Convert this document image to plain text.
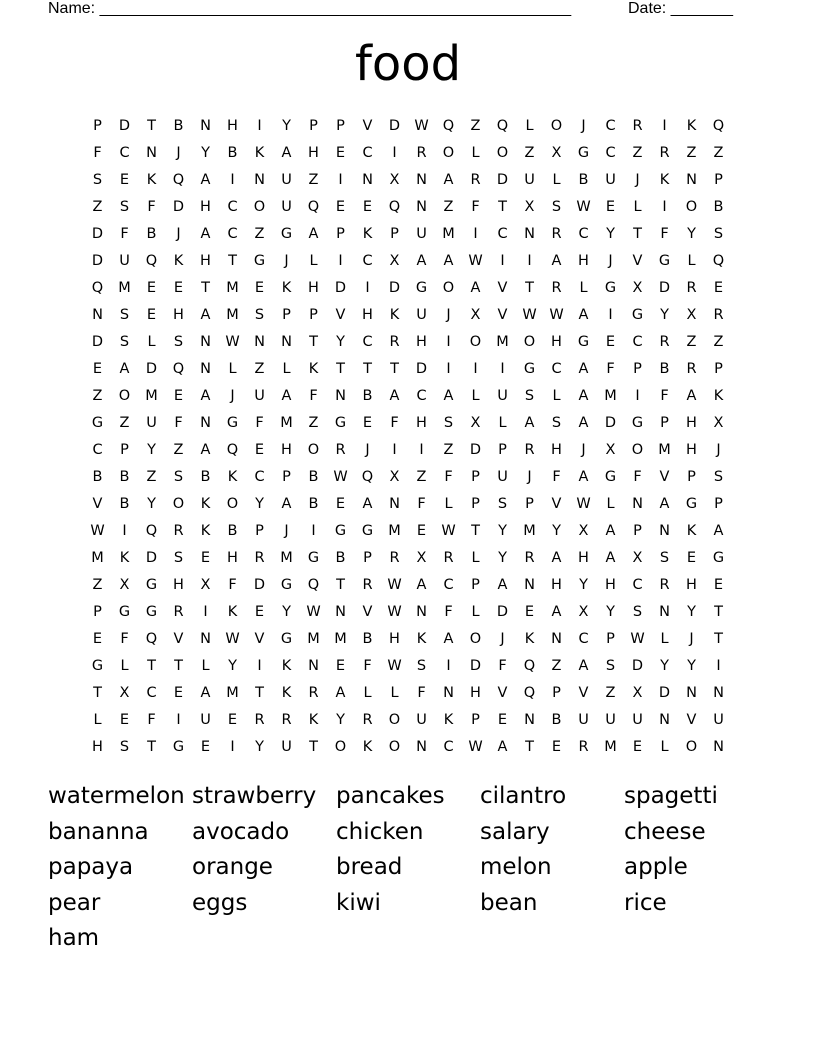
Name: _____________________________________________________	Date: _______
food
P	D	T	B	N	H	I	Y	P	P	V	D W Q	Z	Q	L	O	J	C	R	I	K	Q
F	C	N	J	Y	B	K	A	H	E	C	I	R	O	L	O	Z	X	G	C	Z	R	Z	Z
S	E	K	Q	A	I	N	U	Z	I	N	X	N	A	R	D	U	L	B	U	J	K	N	P
Z	S	F	D	H	C	O	U	Q	E	E	Q	N	Z	F	T	X	S	W	E	L	I	O	B
D	F	B	J	A	C	Z	G	A	P	K	P	U	M	I	C	N	R	C	Y	T	F	Y	S
D	U	Q	K	H	T	G	J	L	I	C	X	A	A	W	I	I	A	H	J	V	G	L	Q
Q	M	E	E	T	M	E	K	H	D	I	D	G	O	A	V	T	R	L	G	X	D	R	E
N	S	E	H	A	M	S	P	P	V	H	K	U	J	X	V	W W	A	I	G	Y	X	R
D	S	L	S	N W N	N	T	Y	C	R	H	I	O	M	O	H	G	E	C	R	Z	Z
E	A	D	Q	N	L	Z	L	K	T	T	T	D	I	I	I	G	C	A	F	P	B	R	P
Z	O	M	E	A	J	U	A	F	N	B	A	C	A	L	U	S	L	A	M	I	F	A	K
G	Z	U	F	N	G	F	M	Z	G	E	F	H	S	X	L	A	S	A	D	G	P	H	X
C	P	Y	Z	A	Q	E	H	O	R	J	I	I	Z	D	P	R	H	J	X	O	M	H	J
B	B	Z	S	B	K	C	P	B	W Q	X	Z	F	P	U	J	F	A	G	F	V	P	S
V	B	Y	O	K	O	Y	A	B	E	A	N	F	L	P	S	P	V	W	L	N	A	G	P
W	I	Q	R	K	B	P	J	I	G	G	M	E	W	T	Y	M	Y	X	A	P	N	K	A
M	K	D	S	E	H	R	M	G	B	P	R	X	R	L	Y	R	A	H	A	X	S	E	G
Z	X	G	H	X	F	D	G	Q	T	R	W	A	C	P	A	N	H	Y	H	C	R	H	E
P	G	G	R	I	K	E	Y	W N	V	W N	F	L	D	E	A	X	Y	S	N	Y	T
E	F	Q	V	N W	V	G	M M	B	H	K	A	O	J	K	N	C	P	W	L	J	T
G	L	T	T	L	Y	I	K	N	E	F	W	S	I	D	F	Q	Z	A	S	D	Y	Y	I
T	X	C	E	A	M	T	K	R	A	L	L	F	N	H	V	Q	P	V	Z	X	D	N	N
L	E	F	I	U	E	R	R	K	Y	R	O	U	K	P	E	N	B	U	U	U	N	V	U
H	S	T	G	E	I	Y	U	T	O	K	O	N	C	W	A	T	E	R	M	E	L	O	N
watermelon strawberry pancakes	cilantro	spagetti
bananna	avocado	chicken	salary	cheese
papaya	orange	bread	melon	apple
pear	eggs	kiwi	bean	rice
ham
